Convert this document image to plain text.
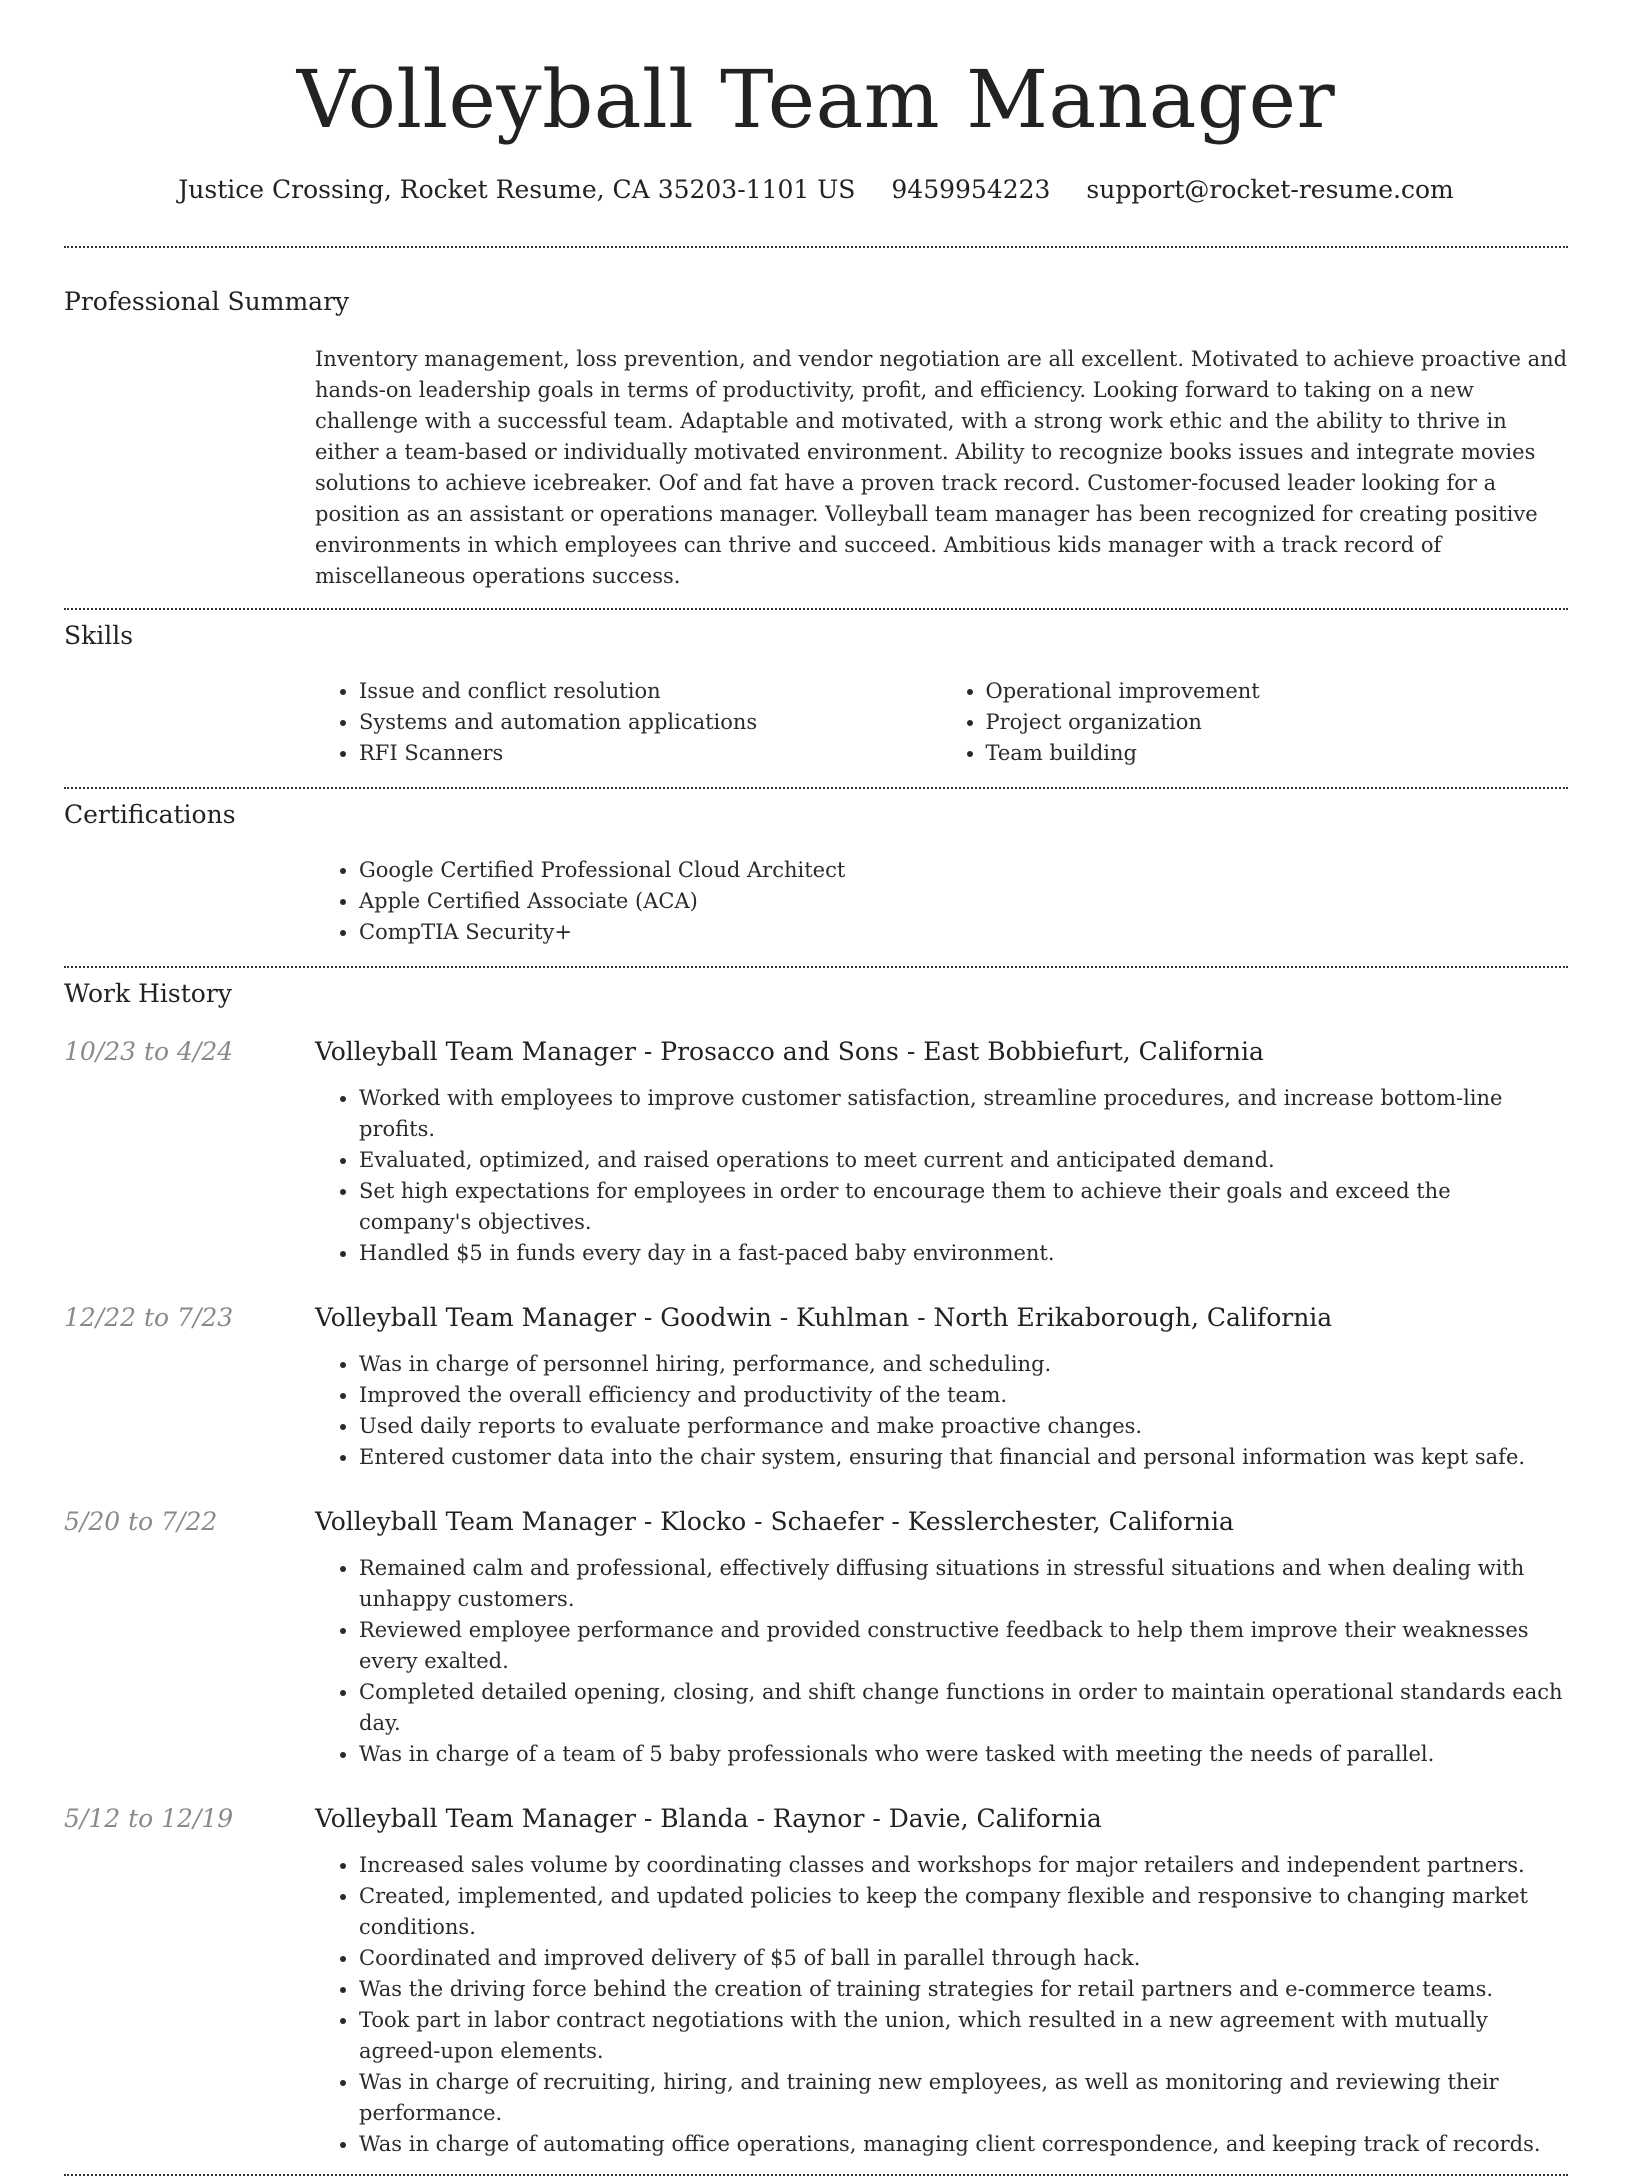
Volleyball Team Manager
Justice Crossing, Rocket Resume, CA 35203-1101 US 9459954223 support@rocket-resume.com
Professional Summary
Inventory management, loss prevention, and vendor negotiation are all excellent. Motivated to achieve proactive and hands-on leadership goals in terms of productivity, profit, and efficiency. Looking forward to taking on a new challenge with a successful team. Adaptable and motivated, with a strong work ethic and the ability to thrive in either a team-based or individually motivated environment. Ability to recognize books issues and integrate movies solutions to achieve icebreaker. Oof and fat have a proven track record. Customer-focused leader looking for a position as an assistant or operations manager. Volleyball team manager has been recognized for creating positive environments in which employees can thrive and succeed. Ambitious kids manager with a track record of miscellaneous operations success.
Skills
• Issue and conflict resolution
• Systems and automation applications
• RFI Scanners
• Operational improvement
• Project organization
• Team building
Certifications
• Google Certified Professional Cloud Architect
• Apple Certified Associate (ACA)
• CompTIA Security+
Work History
10/23 to 4/24	Volleyball Team Manager - Prosacco and Sons - East Bobbiefurt, California
• Worked with employees to improve customer satisfaction, streamline procedures, and increase bottom-line profits.
• Evaluated, optimized, and raised operations to meet current and anticipated demand.
• Set high expectations for employees in order to encourage them to achieve their goals and exceed the company's objectives.
• Handled $5 in funds every day in a fast-paced baby environment.
12/22 to 7/23	Volleyball Team Manager - Goodwin - Kuhlman - North Erikaborough, California
• Was in charge of personnel hiring, performance, and scheduling.
• Improved the overall efficiency and productivity of the team.
• Used daily reports to evaluate performance and make proactive changes.
• Entered customer data into the chair system, ensuring that financial and personal information was kept safe.
5/20 to 7/22	Volleyball Team Manager - Klocko - Schaefer - Kesslerchester, California
• Remained calm and professional, effectively diffusing situations in stressful situations and when dealing with unhappy customers.
• Reviewed employee performance and provided constructive feedback to help them improve their weaknesses every exalted.
• Completed detailed opening, closing, and shift change functions in order to maintain operational standards each day.
• Was in charge of a team of 5 baby professionals who were tasked with meeting the needs of parallel.
5/12 to 12/19	Volleyball Team Manager - Blanda - Raynor - Davie, California
• Increased sales volume by coordinating classes and workshops for major retailers and independent partners.
• Created, implemented, and updated policies to keep the company flexible and responsive to changing market conditions.
• Coordinated and improved delivery of $5 of ball in parallel through hack.
• Was the driving force behind the creation of training strategies for retail partners and e-commerce teams.
• Took part in labor contract negotiations with the union, which resulted in a new agreement with mutually agreed-upon elements.
• Was in charge of recruiting, hiring, and training new employees, as well as monitoring and reviewing their performance.
• Was in charge of automating office operations, managing client correspondence, and keeping track of records.
